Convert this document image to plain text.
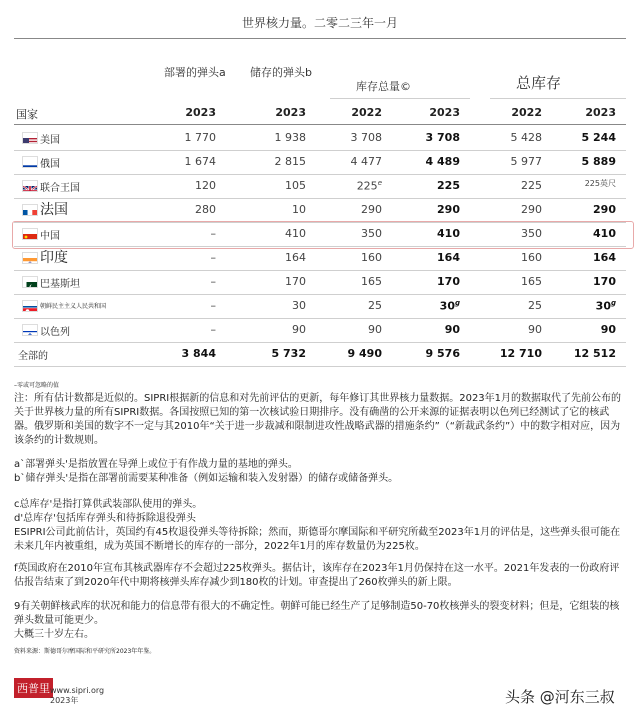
世界核力量。二零二三年一月
部署的弹头a	储存的弹头b
库存总量©	总库存
国家	2023	2023	2022	2023	2022	2023
美国	1 770	1 938	3 708	3 708	5 428	5 244
俄国	1 674	2 815	4 477	4 489	5 977	5 889
联合王国	120	105	225e	225	225	225英尺
法国	280	10	290	290	290	290
中国	–	410	350	410	350	410
印度	–	164	160	164	160	164
巴基斯坦	–	170	165	170	165	170
朝鲜民主主义人民共和国	–	30	25	30$^g$	25	30$^g$
以色列	–	90	90	90	90	90
全部的	3 844	5 732	9 490	9 576	12 710	12 512
–零或可忽略的值
注：所有估计数都是近似的。SIPRI根据新的信息和对先前评估的更新，每年修订其世界核力量数据。2023年1月的数据取代了先前公布的关于世界核力量的所有SIPRI数据。各国按照已知的第一次核试验日期排序。没有确凿的公开来源的证据表明以色列已经测试了它的核武器。俄罗斯和美国的数字不一定与其2010年“关于进一步裁减和限制进攻性战略武器的措施条约”（“新裁武条约”）中的数字相对应，因为该条约的计数规则。
a`部署弹头'是指放置在导弹上或位于有作战力量的基地的弹头。
b`储存弹头'是指在部署前需要某种准备（例如运输和装入发射器）的储存或储备弹头。
c总库存'是指打算供武装部队使用的弹头。
d'总库存'包括库存弹头和待拆除退役弹头
ESIPRI公司此前估计，英国约有45枚退役弹头等待拆除；然而，斯德哥尔摩国际和平研究所截至2023年1月的评估是，这些弹头很可能在未来几年内被重组，成为英国不断增长的库存的一部分，2022年1月的库存数量仍为225枚。
f英国政府在2010年宣布其核武器库存不会超过225枚弹头。据估计，该库存在2023年1月仍保持在这一水平。2021年发表的一份政府评估报告结束了到2020年代中期将核弹头库存减少到180枚的计划。审查提出了260枚弹头的新上限。
9有关朝鲜核武库的状况和能力的信息带有很大的不确定性。朝鲜可能已经生产了足够制造50-70枚核弹头的裂变材料；但是，它组装的核弹头数量可能更少。
大概三十岁左右。
资料来源：斯德哥尔摩国际和平研究所2023年年鉴。
西普里 www.sipri.org
2023年	头条 @河东三叔
